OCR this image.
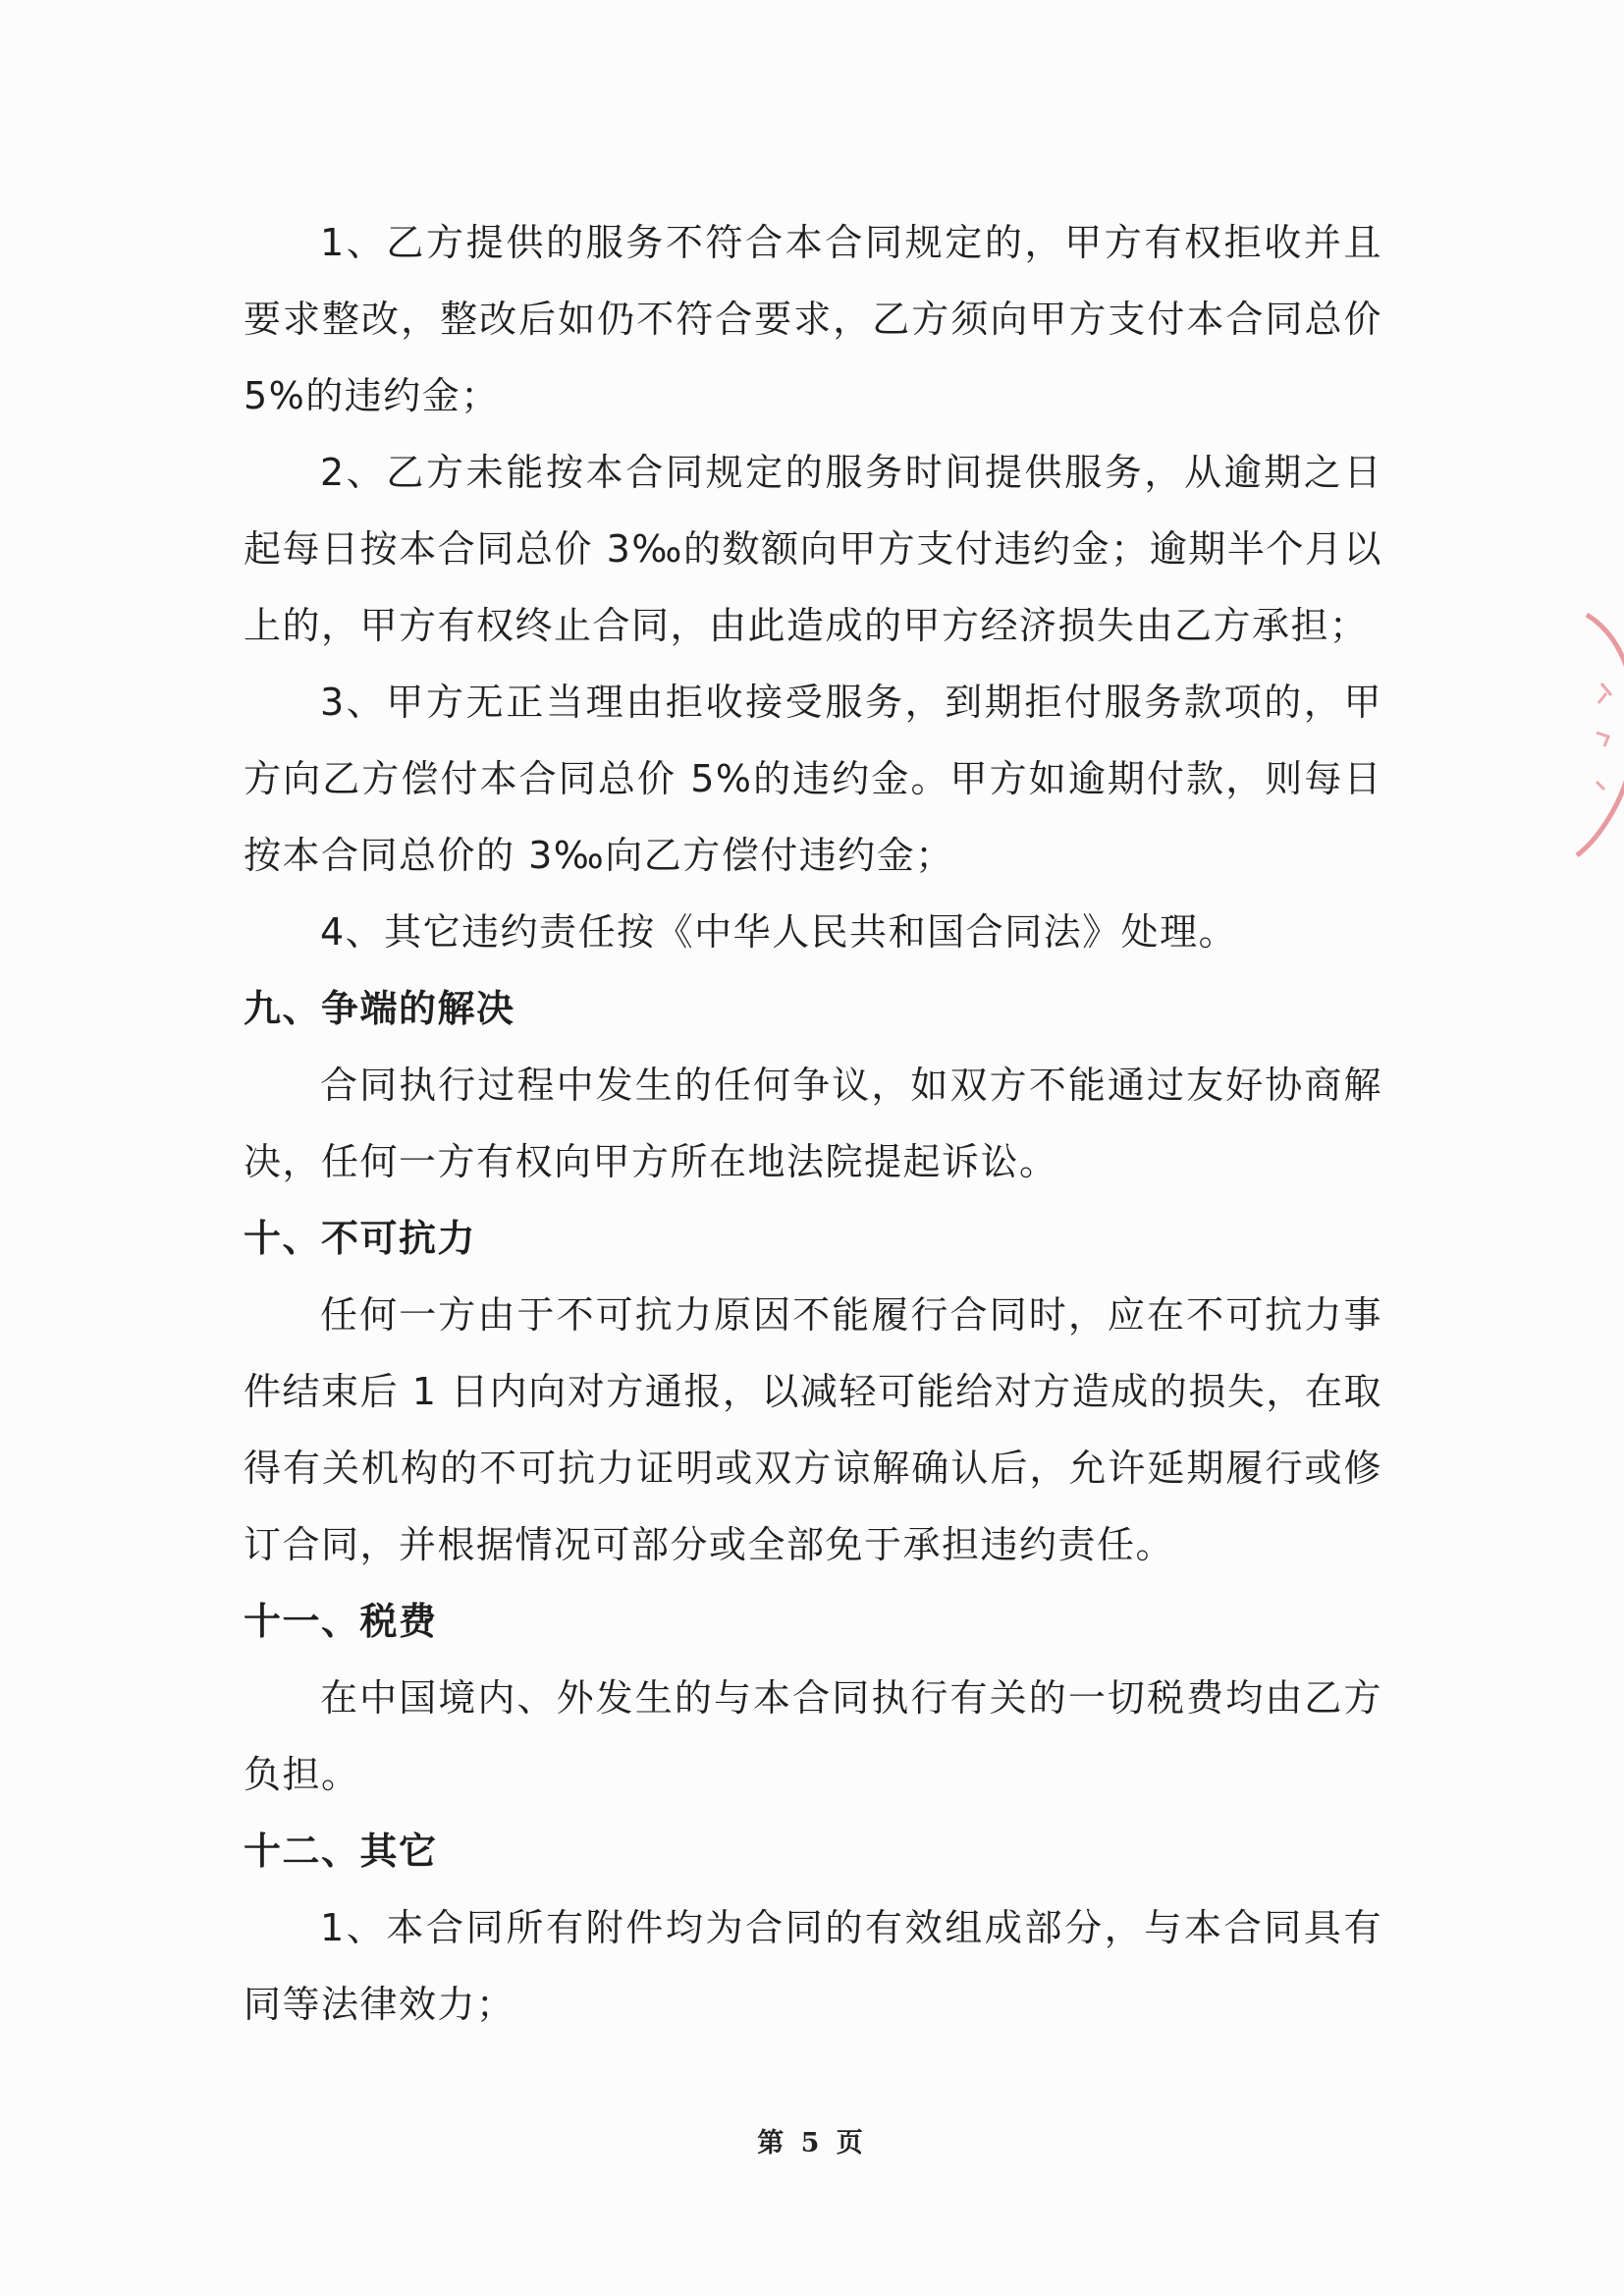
1、乙方提供的服务不符合本合同规定的，甲方有权拒收并且要求整改，整改后如仍不符合要求，乙方须向甲方支付本合同总价 5%的违约金；

2、乙方未能按本合同规定的服务时间提供服务，从逾期之日起每日按本合同总价 3‰的数额向甲方支付违约金；逾期半个月以上的，甲方有权终止合同，由此造成的甲方经济损失由乙方承担；

3、甲方无正当理由拒收接受服务，到期拒付服务款项的，甲方向乙方偿付本合同总价 5%的违约金。甲方如逾期付款，则每日按本合同总价的 3‰向乙方偿付违约金；

4、其它违约责任按《中华人民共和国合同法》处理。

九、争端的解决

合同执行过程中发生的任何争议，如双方不能通过友好协商解决，任何一方有权向甲方所在地法院提起诉讼。

十、不可抗力

任何一方由于不可抗力原因不能履行合同时，应在不可抗力事件结束后 1 日内向对方通报，以减轻可能给对方造成的损失，在取得有关机构的不可抗力证明或双方谅解确认后，允许延期履行或修订合同，并根据情况可部分或全部免于承担违约责任。

十一、税费

在中国境内、外发生的与本合同执行有关的一切税费均由乙方负担。

十二、其它

1、本合同所有附件均为合同的有效组成部分，与本合同具有同等法律效力；

第 5 页
